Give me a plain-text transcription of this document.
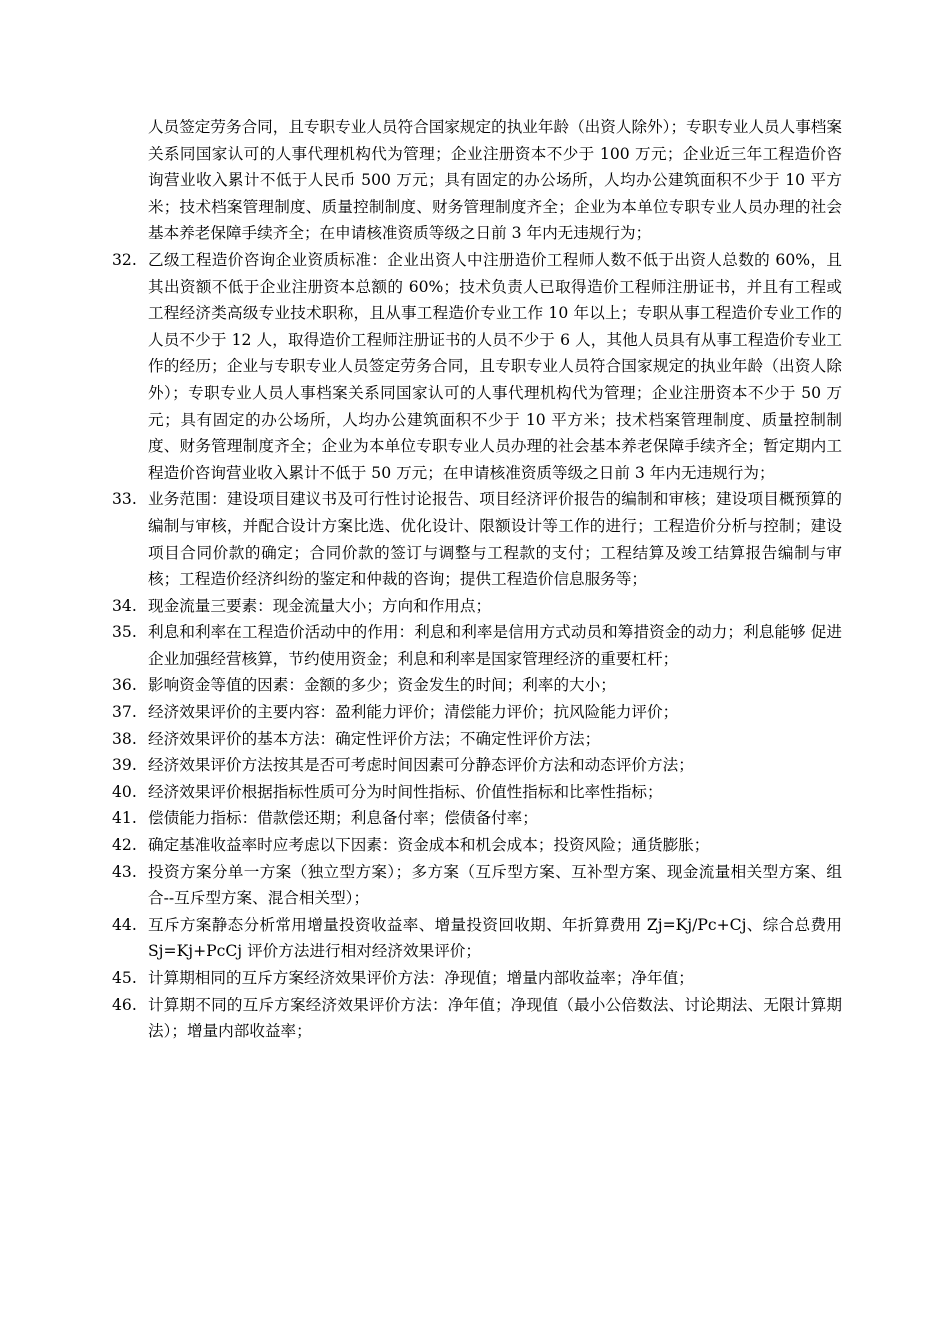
人员签定劳务合同，且专职专业人员符合国家规定的执业年龄（出资人除外）；专职专业人员人事档案关系同国家认可的人事代理机构代为管理；企业注册资本不少于 100 万元；企业近三年工程造价咨询营业收入累计不低于人民币 500 万元；具有固定的办公场所，人均办公建筑面积不少于 10 平方米；技术档案管理制度、质量控制制度、财务管理制度齐全；企业为本单位专职专业人员办理的社会基本养老保障手续齐全；在申请核准资质等级之日前 3 年内无违规行为；
32. 乙级工程造价咨询企业资质标准：企业出资人中注册造价工程师人数不低于出资人总数的 60%，且其出资额不低于企业注册资本总额的 60%；技术负责人已取得造价工程师注册证书，并且有工程或工程经济类高级专业技术职称，且从事工程造价专业工作 10 年以上；专职从事工程造价专业工作的人员不少于 12 人，取得造价工程师注册证书的人员不少于 6 人，其他人员具有从事工程造价专业工作的经历；企业与专职专业人员签定劳务合同，且专职专业人员符合国家规定的执业年龄（出资人除外）；专职专业人员人事档案关系同国家认可的人事代理机构代为管理；企业注册资本不少于 50 万元；具有固定的办公场所，人均办公建筑面积不少于 10 平方米；技术档案管理制度、质量控制制度、财务管理制度齐全；企业为本单位专职专业人员办理的社会基本养老保障手续齐全；暂定期内工程造价咨询营业收入累计不低于 50 万元；在申请核准资质等级之日前 3 年内无违规行为；
33. 业务范围：建设项目建议书及可行性讨论报告、项目经济评价报告的编制和审核；建设项目概预算的编制与审核，并配合设计方案比选、优化设计、限额设计等工作的进行；工程造价分析与控制；建设项目合同价款的确定；合同价款的签订与调整与工程款的支付；工程结算及竣工结算报告编制与审核；工程造价经济纠纷的鉴定和仲裁的咨询；提供工程造价信息服务等；
34. 现金流量三要素：现金流量大小；方向和作用点；
35. 利息和利率在工程造价活动中的作用：利息和利率是信用方式动员和筹措资金的动力；利息能够 促进企业加强经营核算，节约使用资金；利息和利率是国家管理经济的重要杠杆；
36. 影响资金等值的因素：金额的多少；资金发生的时间；利率的大小；
37. 经济效果评价的主要内容：盈利能力评价；清偿能力评价；抗风险能力评价；
38. 经济效果评价的基本方法：确定性评价方法；不确定性评价方法；
39. 经济效果评价方法按其是否可考虑时间因素可分静态评价方法和动态评价方法；
40. 经济效果评价根据指标性质可分为时间性指标、价值性指标和比率性指标；
41. 偿债能力指标：借款偿还期；利息备付率；偿债备付率；
42. 确定基准收益率时应考虑以下因素：资金成本和机会成本；投资风险；通货膨胀；
43. 投资方案分单一方案（独立型方案）；多方案（互斥型方案、互补型方案、现金流量相关型方案、组合--互斥型方案、混合相关型）；
44. 互斥方案静态分析常用增量投资收益率、增量投资回收期、年折算费用 Zj=Kj/Pc+Cj、综合总费用 Sj=Kj+PcCj 评价方法进行相对经济效果评价；
45. 计算期相同的互斥方案经济效果评价方法：净现值；增量内部收益率；净年值；
46. 计算期不同的互斥方案经济效果评价方法：净年值；净现值（最小公倍数法、讨论期法、无限计算期法）；增量内部收益率；
